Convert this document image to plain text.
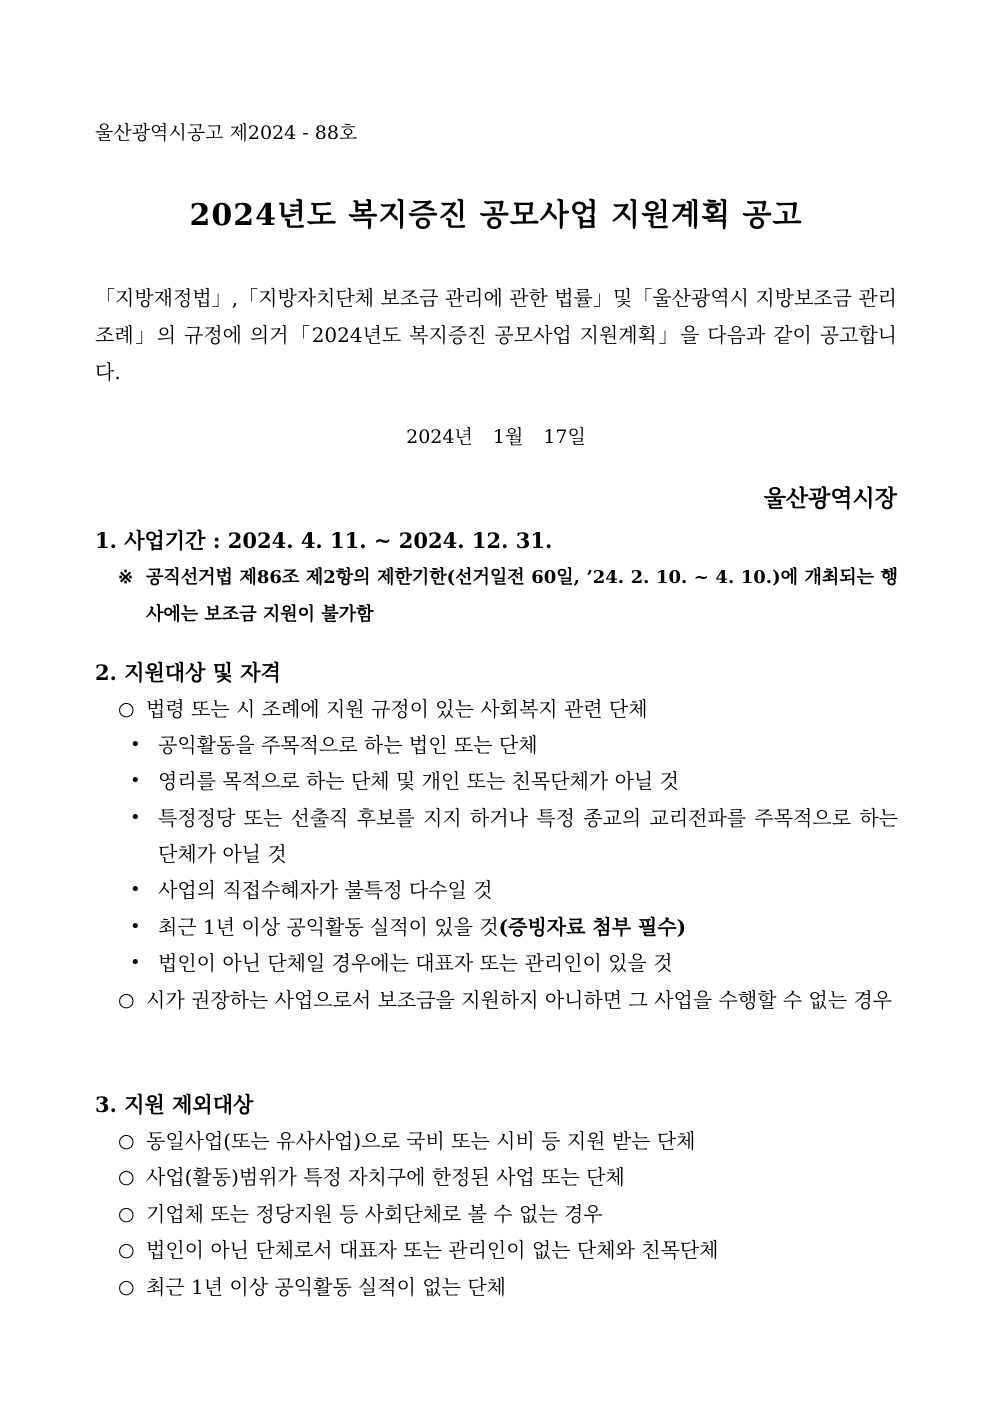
울산광역시공고 제2024 - 88호
2024년도 복지증진 공모사업 지원계획 공고
「지방재정법」,「지방자치단체 보조금 관리에 관한 법률」및「울산광역시 지방보조금 관리 조례」의 규정에 의거「2024년도 복지증진 공모사업 지원계획」을 다음과 같이 공고합니다.
2024년 1월 17일
울산광역시장
1. 사업기간 : 2024. 4. 11. ~ 2024. 12. 31.
※ 공직선거법 제86조 제2항의 제한기한(선거일전 60일, ’24. 2. 10. ~ 4. 10.)에 개최되는 행사에는 보조금 지원이 불가함
2. 지원대상 및 자격
○ 법령 또는 시 조례에 지원 규정이 있는 사회복지 관련 단체
• 공익활동을 주목적으로 하는 법인 또는 단체
• 영리를 목적으로 하는 단체 및 개인 또는 친목단체가 아닐 것
• 특정정당 또는 선출직 후보를 지지 하거나 특정 종교의 교리전파를 주목적으로 하는 단체가 아닐 것
• 사업의 직접수혜자가 불특정 다수일 것
• 최근 1년 이상 공익활동 실적이 있을 것(증빙자료 첨부 필수)
• 법인이 아닌 단체일 경우에는 대표자 또는 관리인이 있을 것
○ 시가 권장하는 사업으로서 보조금을 지원하지 아니하면 그 사업을 수행할 수 없는 경우
3. 지원 제외대상
○ 동일사업(또는 유사사업)으로 국비 또는 시비 등 지원 받는 단체
○ 사업(활동)범위가 특정 자치구에 한정된 사업 또는 단체
○ 기업체 또는 정당지원 등 사회단체로 볼 수 없는 경우
○ 법인이 아닌 단체로서 대표자 또는 관리인이 없는 단체와 친목단체
○ 최근 1년 이상 공익활동 실적이 없는 단체
